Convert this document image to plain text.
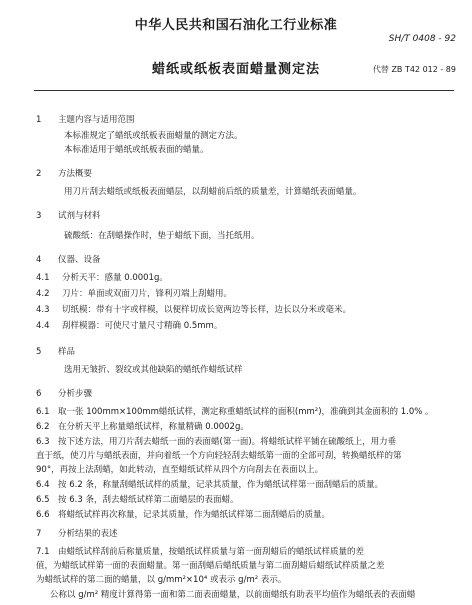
中华人民共和国石油化工行业标准
SH/T 0408 - 92
蜡纸或纸板表面蜡量测定法	代替 ZB T42 012 - 89
1 主题内容与适用范围
本标准规定了蜡纸或纸板表面蜡量的测定方法。
本标准适用于蜡纸或纸板表面的蜡量。
2 方法概要
用刀片刮去蜡纸或纸板表面蜡层，以刮蜡前后纸的质量差，计算蜡纸表面蜡量。
3 试剂与材料
硫酸纸：在刮蜡操作时，垫于蜡纸下面，当托纸用。
4 仪器、设备
4.1 分析天平：感量 0.0001g。
4.2 刀片：单面或双面刀片，锋利刃端上刮蜡用。
4.3 切纸模：带有十字或样模，以便样切成长宽两边等长样，边长以分米或毫米。
4.4 刮样模器：可使尺寸量尺寸精确 0.5mm。
5 样品
选用无皱折、裂纹或其他缺陷的蜡纸作蜡纸试样
6 分析步骤
6.1　取一张 100mm×100mm蜡纸试样，测定称重蜡纸试样的面积(mm²)，准确到其金面积的 1.0% 。
6.2　在分析天平上称量蜡纸试样，称量精确 0.0002g。
6.3　按下述方法，用刀片刮去蜡纸一面的表面蜡(第一面)。将蜡纸试样平铺在硫酸纸上，用力垂
直于纸，使刀片与蜡纸表面，并向着纸一个方向轻轻刮去蜡纸第一面的全部可刮，转换蜡纸样的第
90°，再按上法刮蜡，如此转动，直至蜡纸试样从四个方向刮去在表面以上。
6.4　按 6.2 条，称量刮蜡纸试样的质量，记录其质量，作为蜡纸试样第一面刮蜡后的质量。
6.5　按 6.3 条，刮去蜡纸试样第二面蜡层的表面蜡。
6.6　将蜡纸试样再次称量，记录其质量，作为蜡纸试样第二面刮蜡后的质量。
7 分析结果的表述
7.1　由蜡纸试样刮前后称量质量，按蜡纸试样质量与第一面刮蜡后的蜡纸试样质量的差
值，为蜡纸试样第一面的表面蜡量。第一面刮蜡后蜡纸质量与第二面刮蜡后蜡纸试样质量之差
为蜡纸试样的第二面的蜡量，以 g/mm²×10⁴ 或表示 g/m² 表示。
公称以 g/m² 精度计算得第一面和第二面表面蜡量，以前面蜡纸有助表平均值作为蜡纸表的表面蜡
